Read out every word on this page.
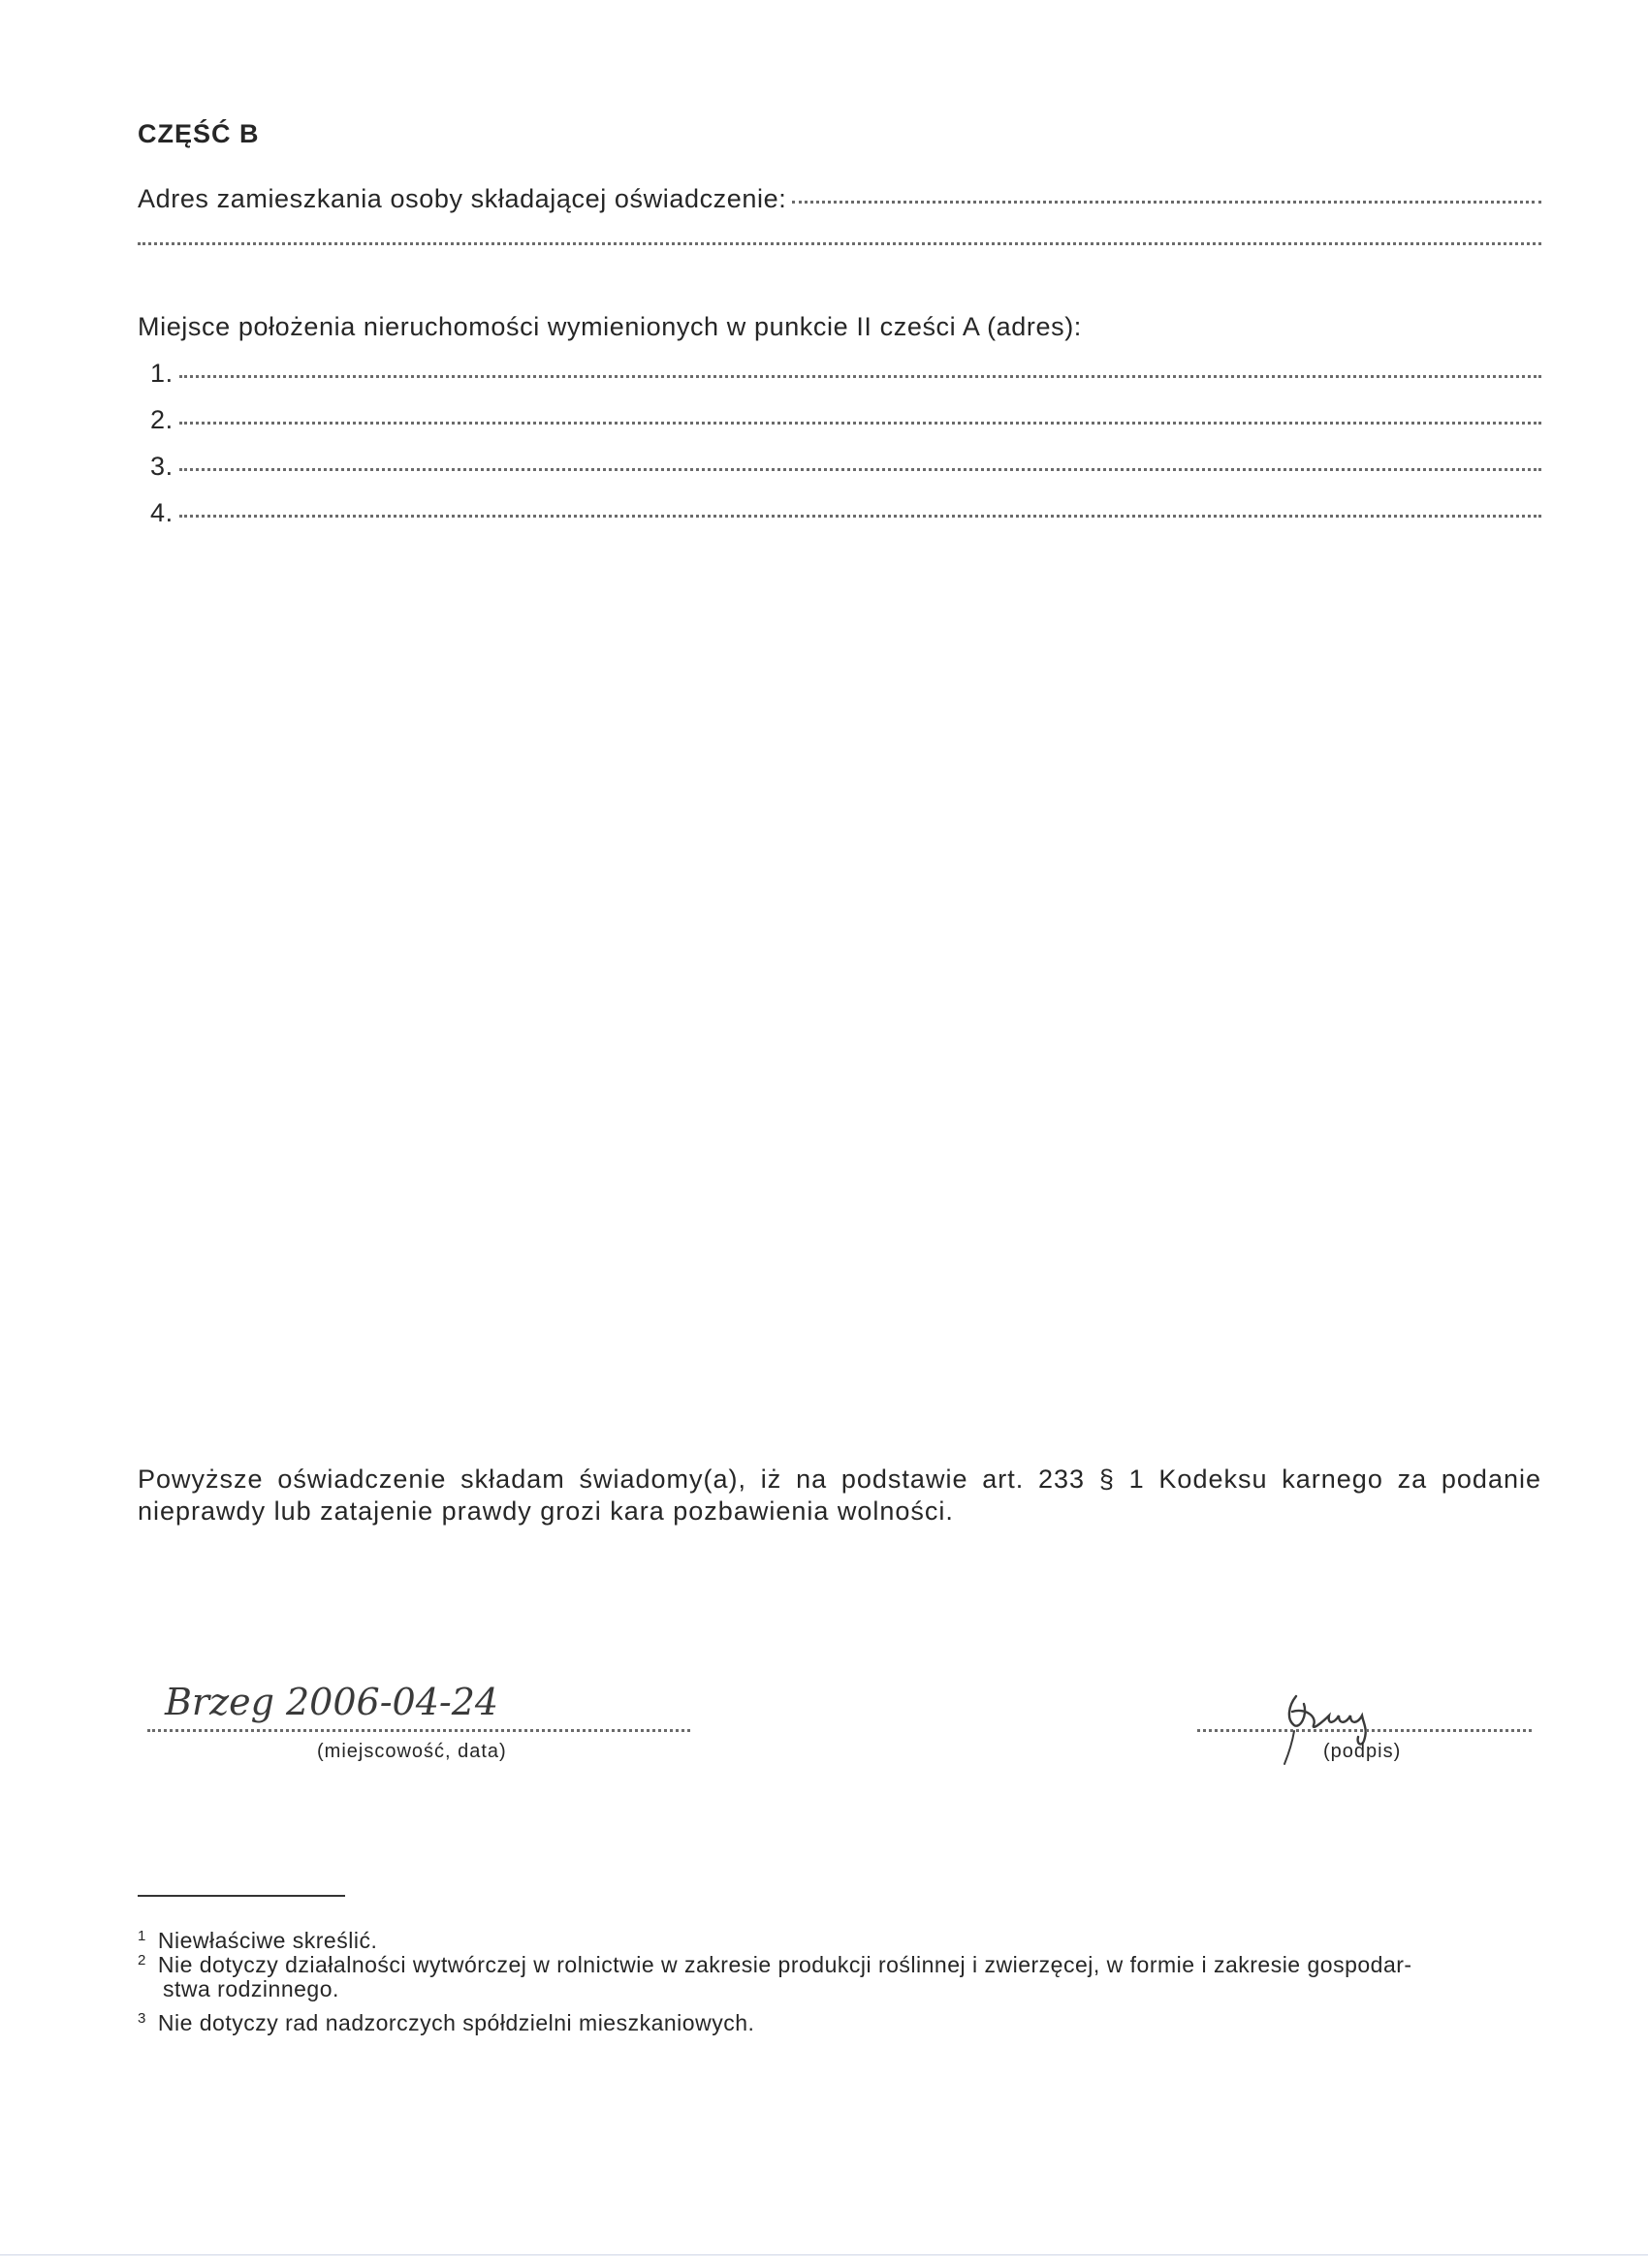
CZĘŚĆ B
Adres zamieszkania osoby składającej oświadczenie:
Miejsce położenia nieruchomości wymienionych w punkcie II cześci A (adres):
1.
2.
3.
4.
Powyższe oświadczenie składam świadomy(a), iż na podstawie art. 233 § 1 Kodeksu karnego za podanie nieprawdy lub zatajenie prawdy grozi kara pozbawienia wolności.
Brzeg 2006-04-24
(miejscowość, data)	(podpis)
$^1$ Niewłaściwe skreślić.
$^2$ Nie dotyczy działalności wytwórczej w rolnictwie w zakresie produkcji roślinnej i zwierzęcej, w formie i zakresie gospodar-
stwa rodzinnego.
$^3$ Nie dotyczy rad nadzorczych spółdzielni mieszkaniowych.
